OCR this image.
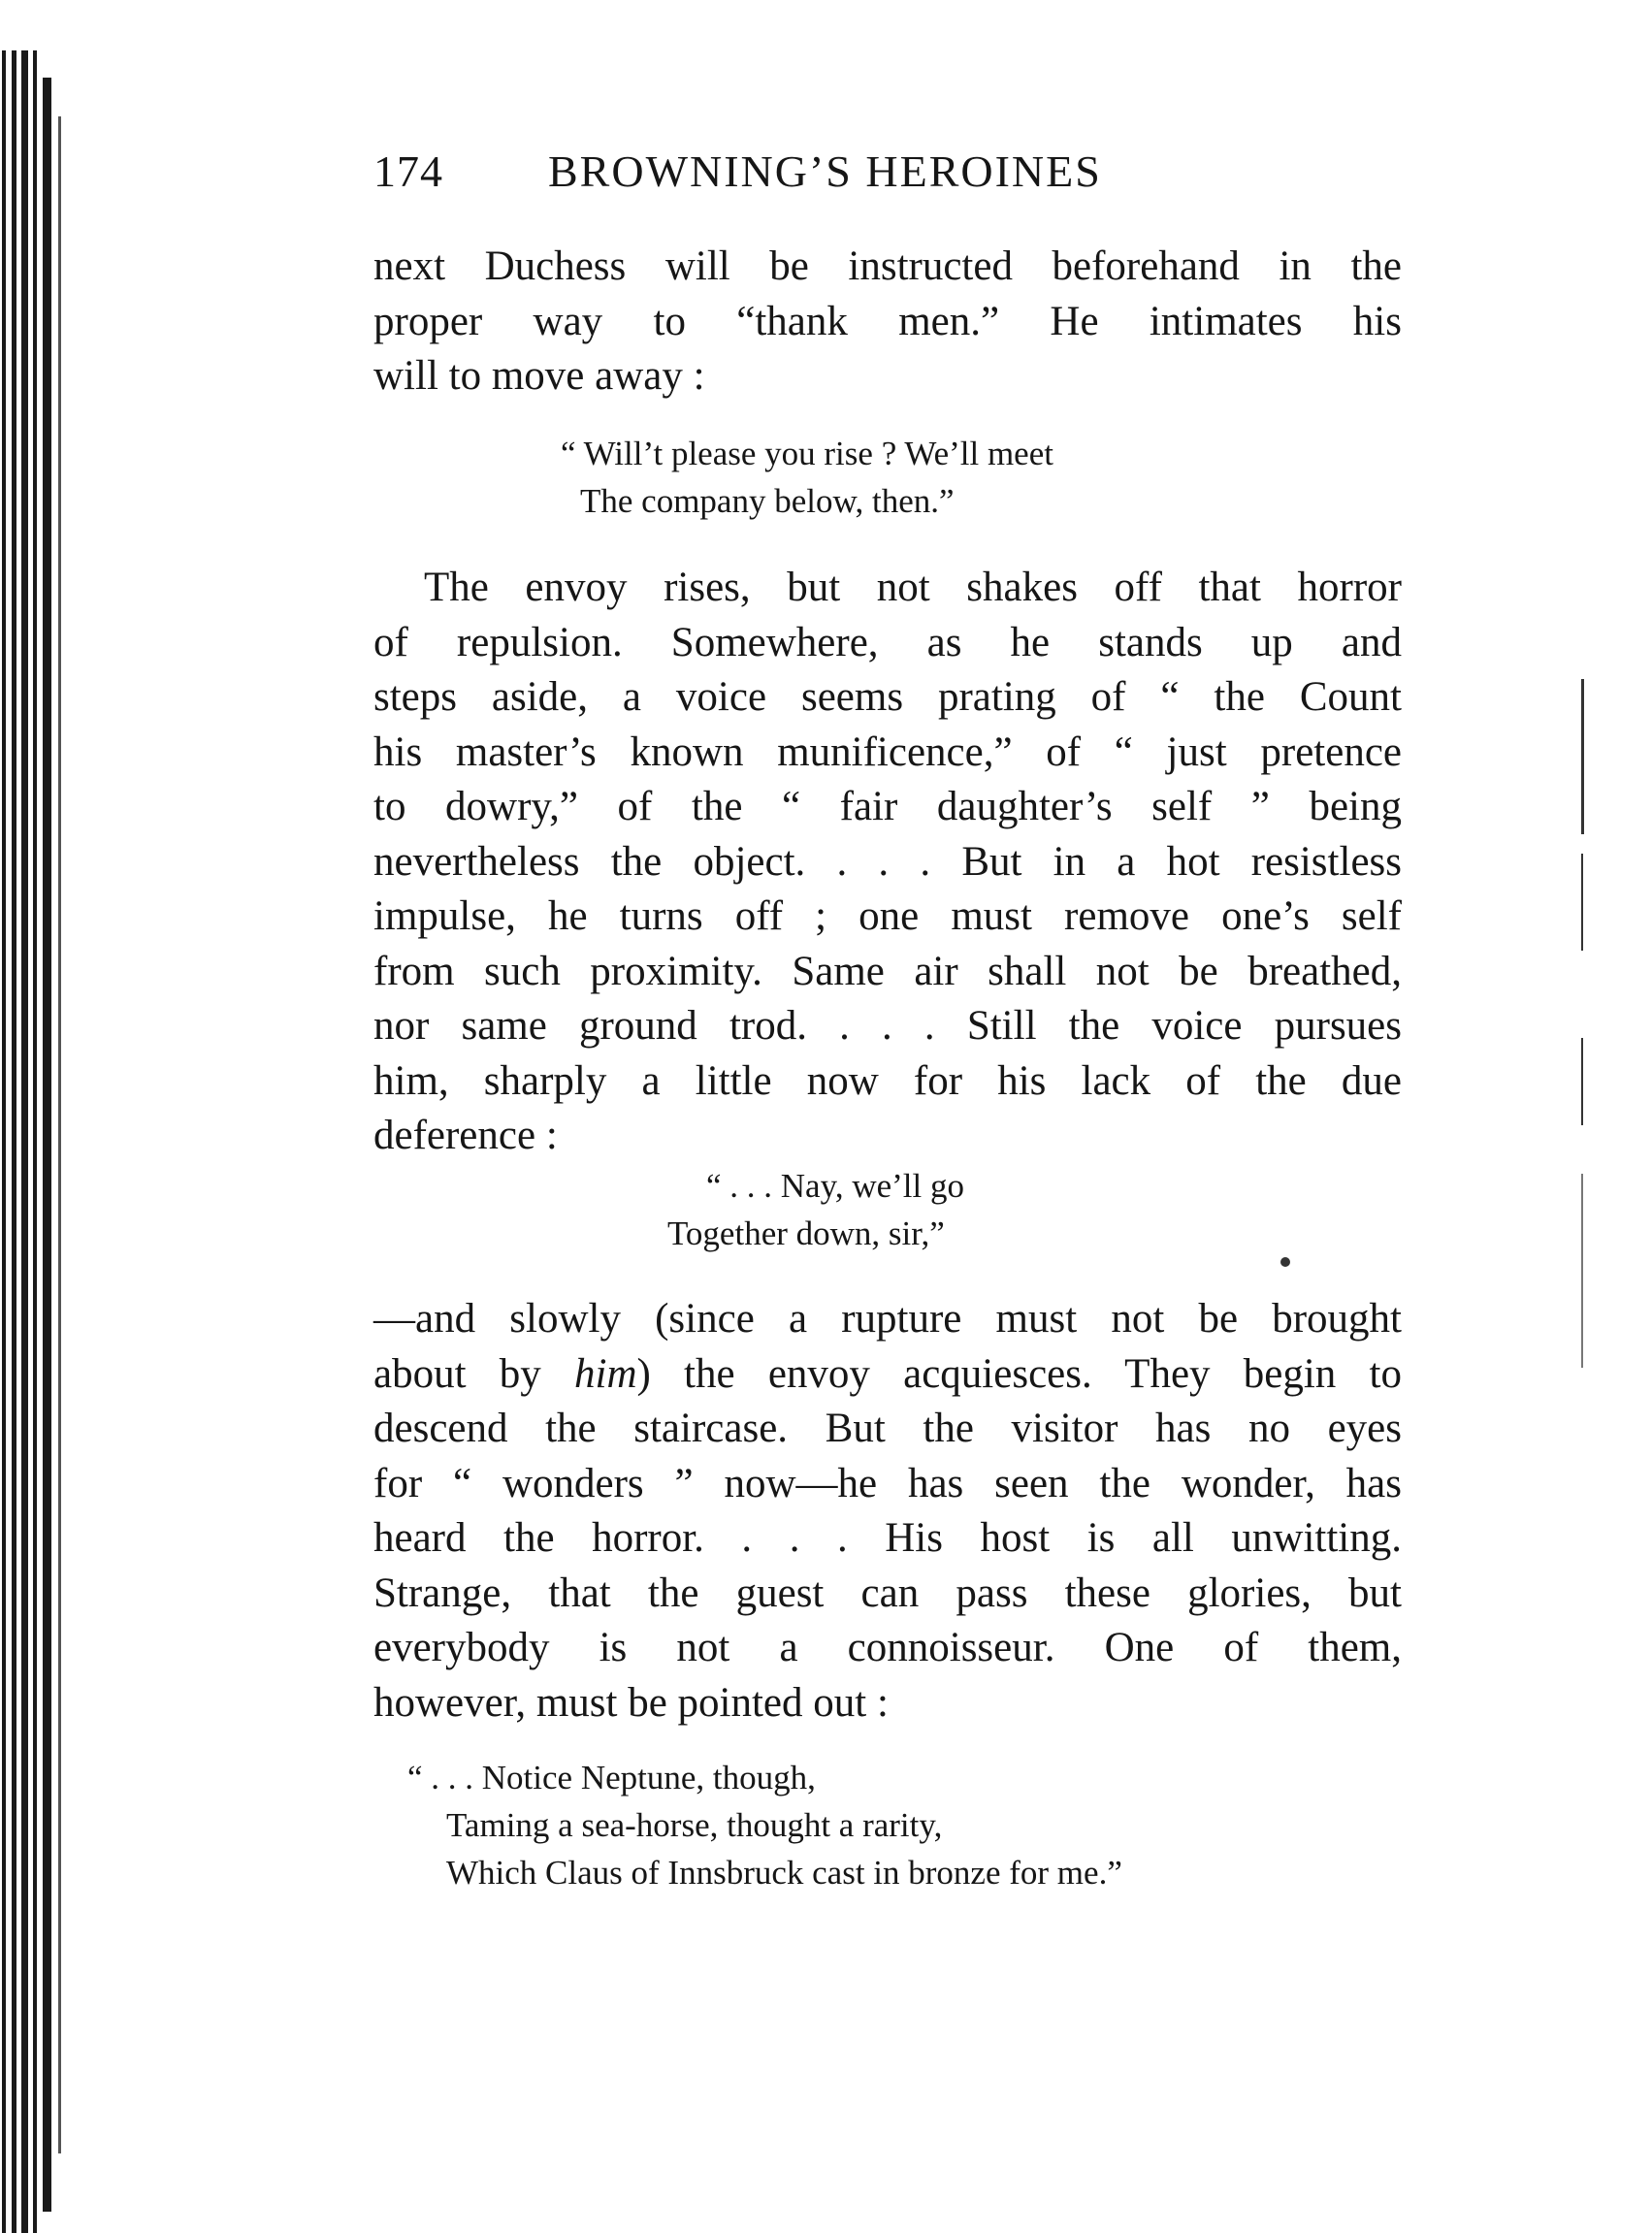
174 BROWNING’S HEROINES
next Duchess will be instructed beforehand in the
proper way to “thank men.” He intimates his
will to move away :
“ Will’t please you rise ? We’ll meet
The company below, then.”
The envoy rises, but not shakes off that horror
of repulsion. Somewhere, as he stands up and
steps aside, a voice seems prating of “ the Count
his master’s known munificence,” of “ just pretence
to dowry,” of the “ fair daughter’s self ” being
nevertheless the object. . . . But in a hot resistless
impulse, he turns off ; one must remove one’s self
from such proximity. Same air shall not be breathed,
nor same ground trod. . . . Still the voice pursues
him, sharply a little now for his lack of the due
deference :
“ . . . Nay, we’ll go
Together down, sir,”
—and slowly (since a rupture must not be brought
about by him) the envoy acquiesces. They begin to
descend the staircase. But the visitor has no eyes
for “ wonders ” now—he has seen the wonder, has
heard the horror. . . . His host is all unwitting.
Strange, that the guest can pass these glories, but
everybody is not a connoisseur. One of them,
however, must be pointed out :
“ . . . Notice Neptune, though,
Taming a sea-horse, thought a rarity,
Which Claus of Innsbruck cast in bronze for me.”
